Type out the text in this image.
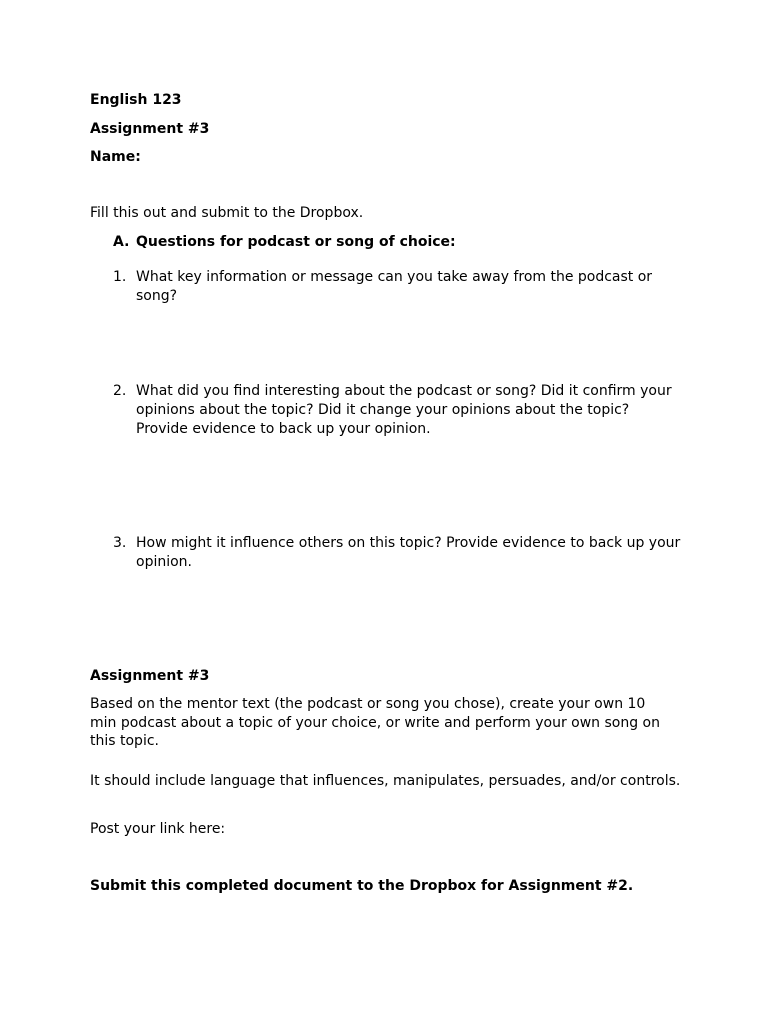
English 123

Assignment #3

Name:

Fill this out and submit to the Dropbox.

A. Questions for podcast or song of choice:

1. What key information or message can you take away from the podcast or song?

2. What did you find interesting about the podcast or song? Did it confirm your opinions about the topic? Did it change your opinions about the topic? Provide evidence to back up your opinion.

3. How might it influence others on this topic? Provide evidence to back up your opinion.

Assignment #3

Based on the mentor text (the podcast or song you chose), create your own 10 min podcast about a topic of your choice, or write and perform your own song on this topic.

It should include language that influences, manipulates, persuades, and/or controls.

Post your link here:

Submit this completed document to the Dropbox for Assignment #2.
